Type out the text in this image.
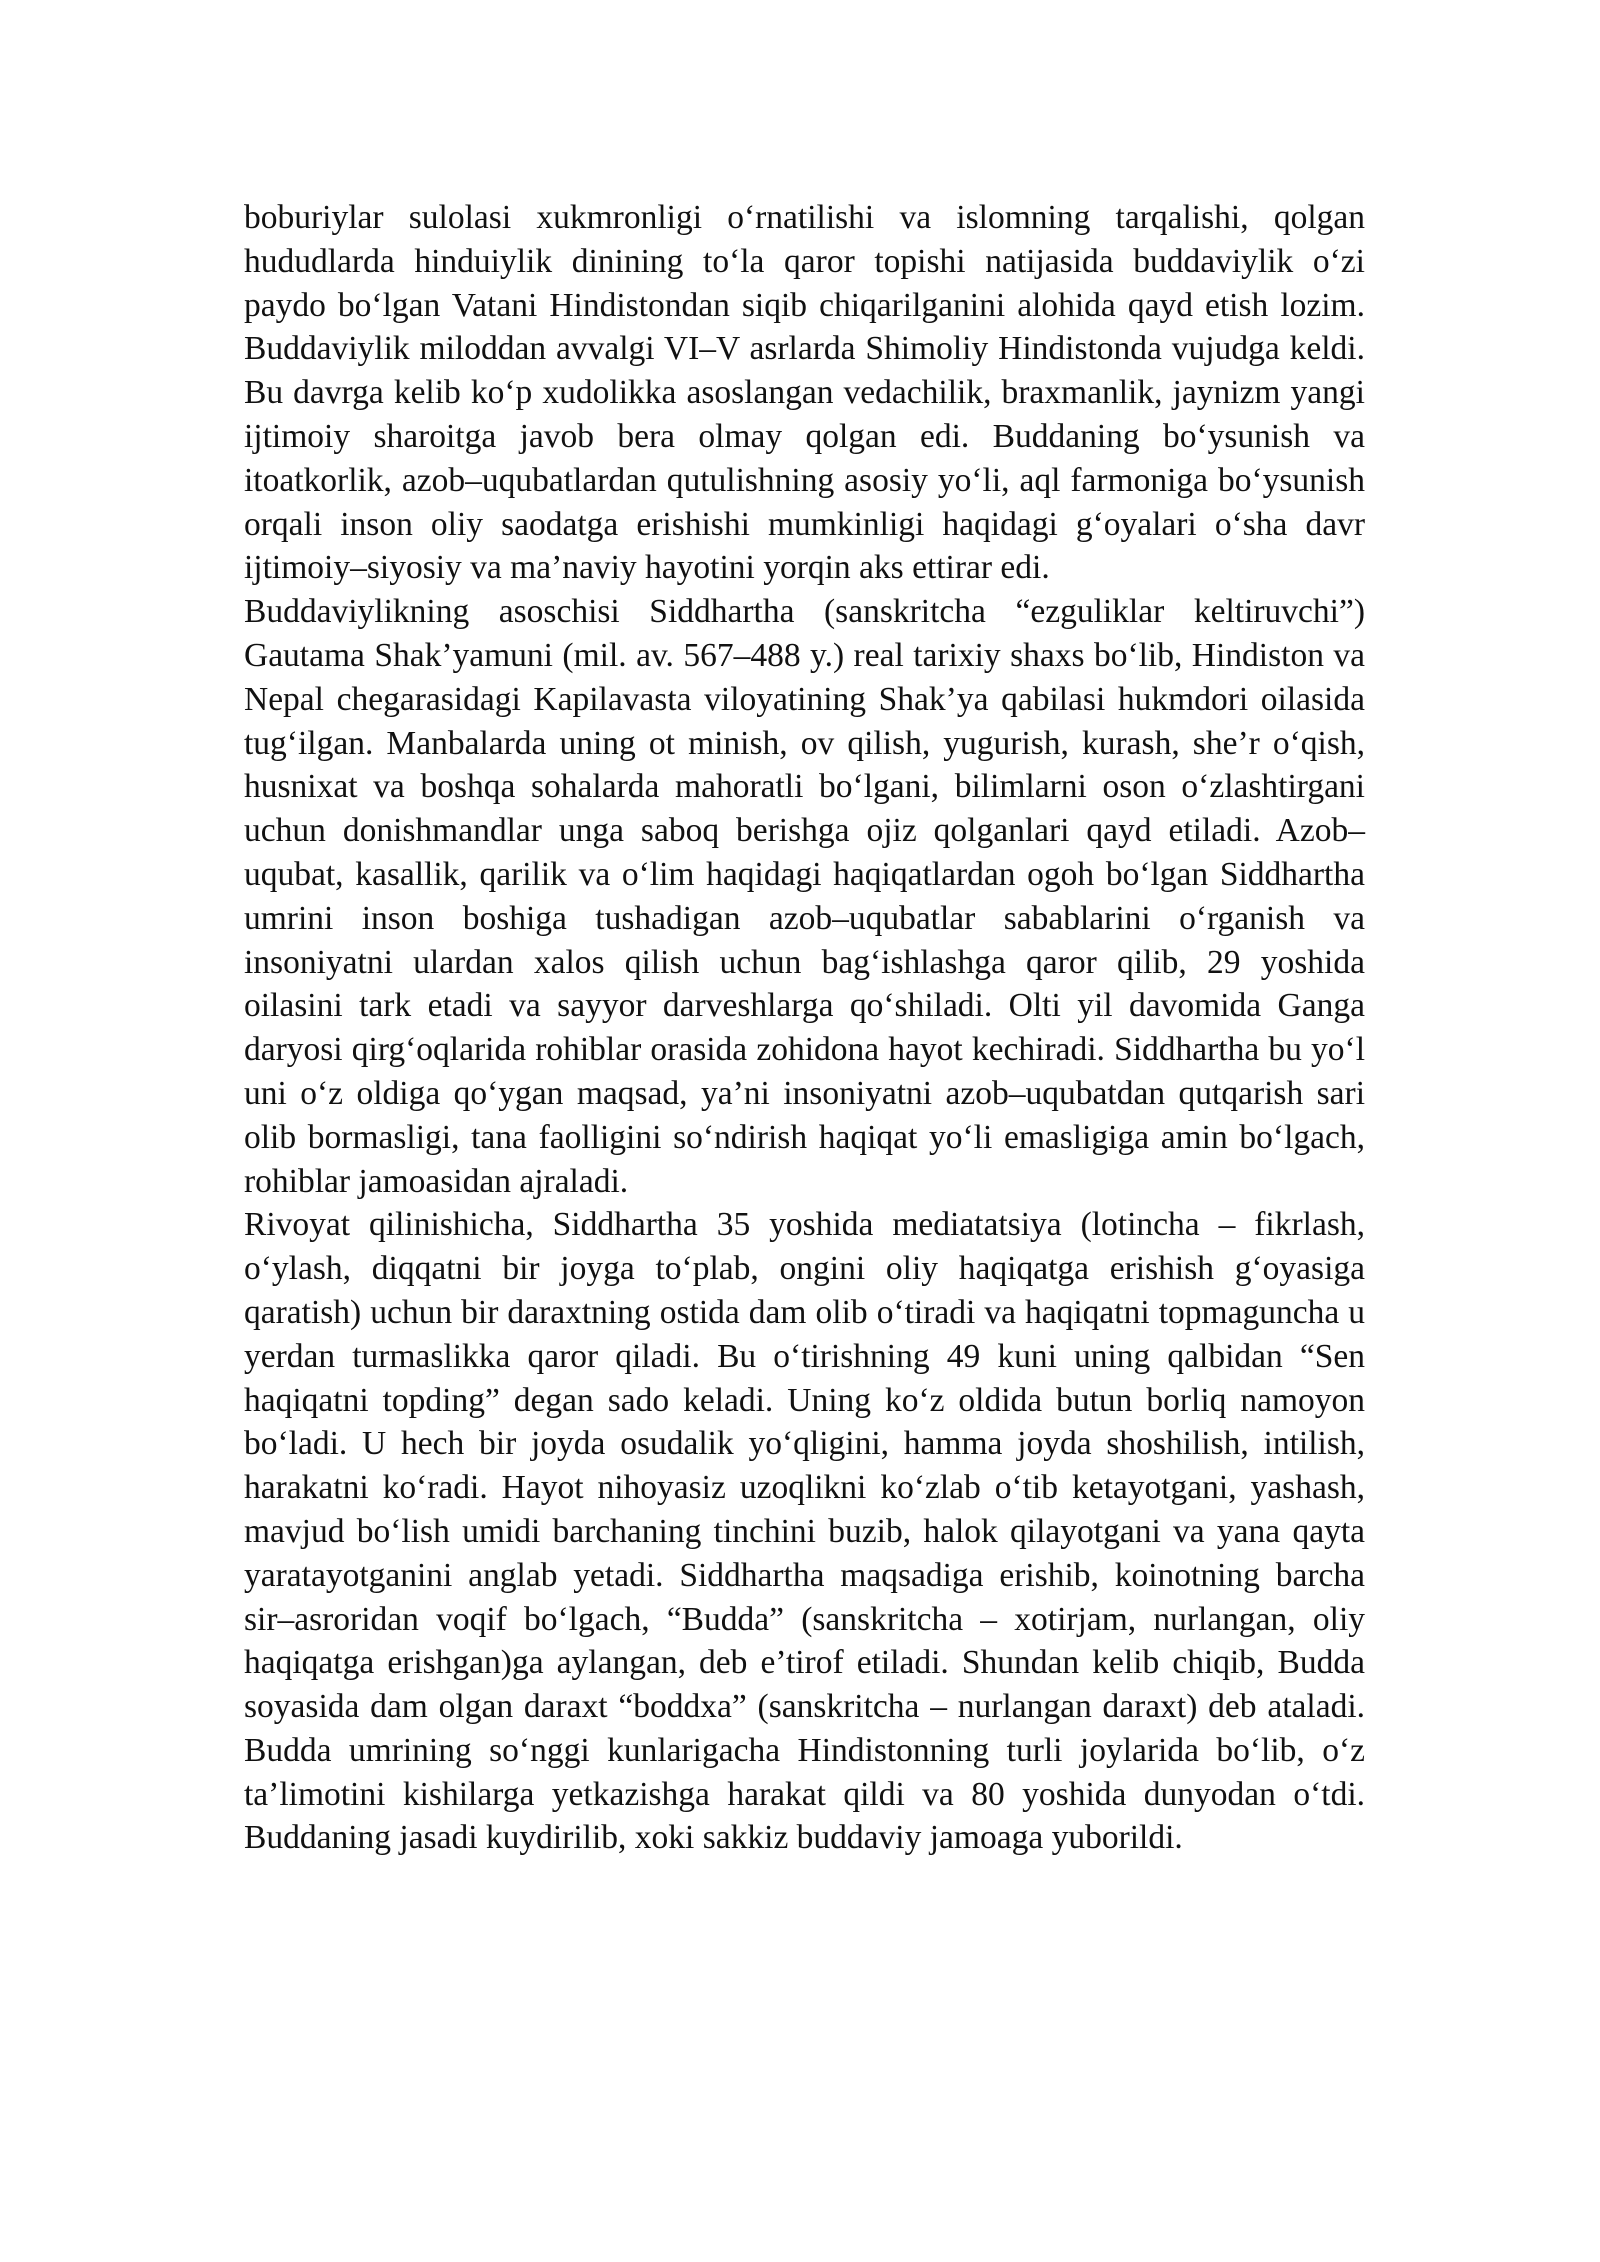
boburiylar sulolasi xukmronligi o‘rnatilishi va islomning tarqalishi, qolgan hududlarda hinduiylik dinining to‘la qaror topishi natijasida buddaviylik o‘zi paydo bo‘lgan Vatani Hindistondan siqib chiqarilganini alohida qayd etish lozim. Buddaviylik miloddan avvalgi VI–V asrlarda Shimoliy Hindistonda vujudga keldi. Bu davrga kelib ko‘p xudolikka asoslangan vedachilik, braxmanlik, jaynizm yangi ijtimoiy sharoitga javob bera olmay qolgan edi. Buddaning bo‘ysunish va itoatkorlik, azob–uqubatlardan qutulishning asosiy yo‘li, aql farmoniga bo‘ysunish orqali inson oliy saodatga erishishi mumkinligi haqidagi g‘oyalari o‘sha davr ijtimoiy–siyosiy va ma’naviy hayotini yorqin aks ettirar edi.

Buddaviylikning asoschisi Siddhartha (sanskritcha “ezguliklar keltiruvchi”) Gautama Shak’yamuni (mil. av. 567–488 y.) real tarixiy shaxs bo‘lib, Hindiston va Nepal chegarasidagi Kapilavasta viloyatining Shak’ya qabilasi hukmdori oilasida tug‘ilgan. Manbalarda uning ot minish, ov qilish, yugurish, kurash, she’r o‘qish, husnixat va boshqa sohalarda mahoratli bo‘lgani, bilimlarni oson o‘zlashtirgani uchun donishmandlar unga saboq berishga ojiz qolganlari qayd etiladi. Azob–uqubat, kasallik, qarilik va o‘lim haqidagi haqiqatlardan ogoh bo‘lgan Siddhartha umrini inson boshiga tushadigan azob–uqubatlar sabablarini o‘rganish va insoniyatni ulardan xalos qilish uchun bag‘ishlashga qaror qilib, 29 yoshida oilasini tark etadi va sayyor darveshlarga qo‘shiladi. Olti yil davomida Ganga daryosi qirg‘oqlarida rohiblar orasida zohidona hayot kechiradi. Siddhartha bu yo‘l uni o‘z oldiga qo‘ygan maqsad, ya’ni insoniyatni azob–uqubatdan qutqarish sari olib bormasligi, tana faolligini so‘ndirish haqiqat yo‘li emasligiga amin bo‘lgach, rohiblar jamoasidan ajraladi.

Rivoyat qilinishicha, Siddhartha 35 yoshida mediatatsiya (lotincha – fikrlash, o‘ylash, diqqatni bir joyga to‘plab, ongini oliy haqiqatga erishish g‘oyasiga qaratish) uchun bir daraxtning ostida dam olib o‘tiradi va haqiqatni topmaguncha u yerdan turmaslikka qaror qiladi. Bu o‘tirishning 49 kuni uning qalbidan “Sen haqiqatni topding” degan sado keladi. Uning ko‘z oldida butun borliq namoyon bo‘ladi. U hech bir joyda osudalik yo‘qligini, hamma joyda shoshilish, intilish, harakatni ko‘radi. Hayot nihoyasiz uzoqlikni ko‘zlab o‘tib ketayotgani, yashash, mavjud bo‘lish umidi barchaning tinchini buzib, halok qilayotgani va yana qayta yaratayotganini anglab yetadi. Siddhartha maqsadiga erishib, koinotning barcha sir–asroridan voqif bo‘lgach, “Budda” (sanskritcha – xotirjam, nurlangan, oliy haqiqatga erishgan)ga aylangan, deb e’tirof etiladi. Shundan kelib chiqib, Budda soyasida dam olgan daraxt “boddxa” (sanskritcha – nurlangan daraxt) deb ataladi. Budda umrining so‘nggi kunlarigacha Hindistonning turli joylarida bo‘lib, o‘z ta’limotini kishilarga yetkazishga harakat qildi va 80 yoshida dunyodan o‘tdi. Buddaning jasadi kuydirilib, xoki sakkiz buddaviy jamoaga yuborildi.
